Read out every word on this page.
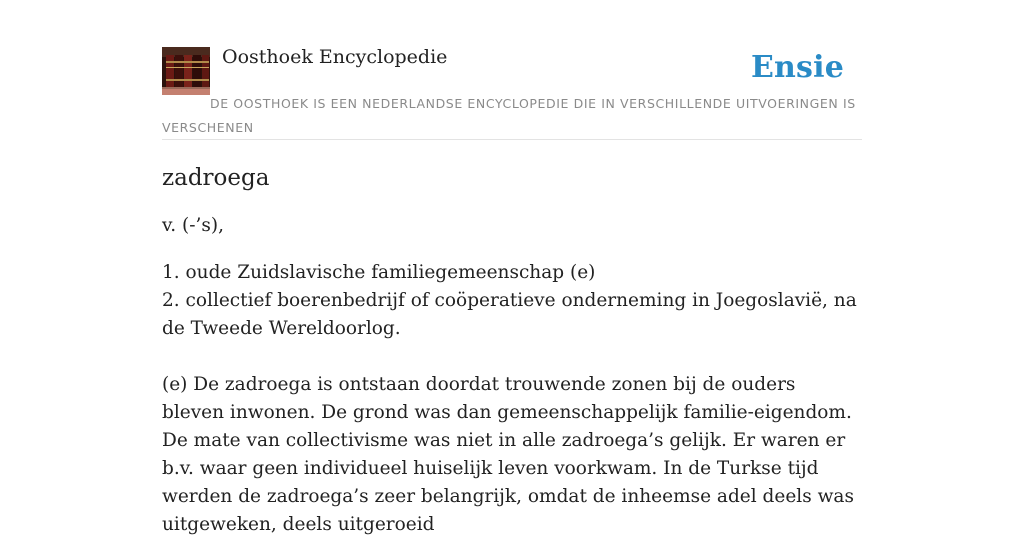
Oosthoek Encyclopedie	Ensie
DE OOSTHOEK IS EEN NEDERLANDSE ENCYCLOPEDIE DIE IN VERSCHILLENDE UITVOERINGEN IS VERSCHENEN
zadroega

v. (-’s),

1. oude Zuidslavische familiegemeenschap (e)
2. collectief boerenbedrijf of coöperatieve onderneming in Joegoslavië, na de Tweede Wereldoorlog.

(e) De zadroega is ontstaan doordat trouwende zonen bij de ouders bleven inwonen. De grond was dan gemeenschappelijk familie-eigendom. De mate van collectivisme was niet in alle zadroega’s gelijk. Er waren er b.v. waar geen individueel huiselijk leven voorkwam. In de Turkse tijd werden de zadroega’s zeer belangrijk, omdat de inheemse adel deels was uitgeweken, deels uitgeroeid
